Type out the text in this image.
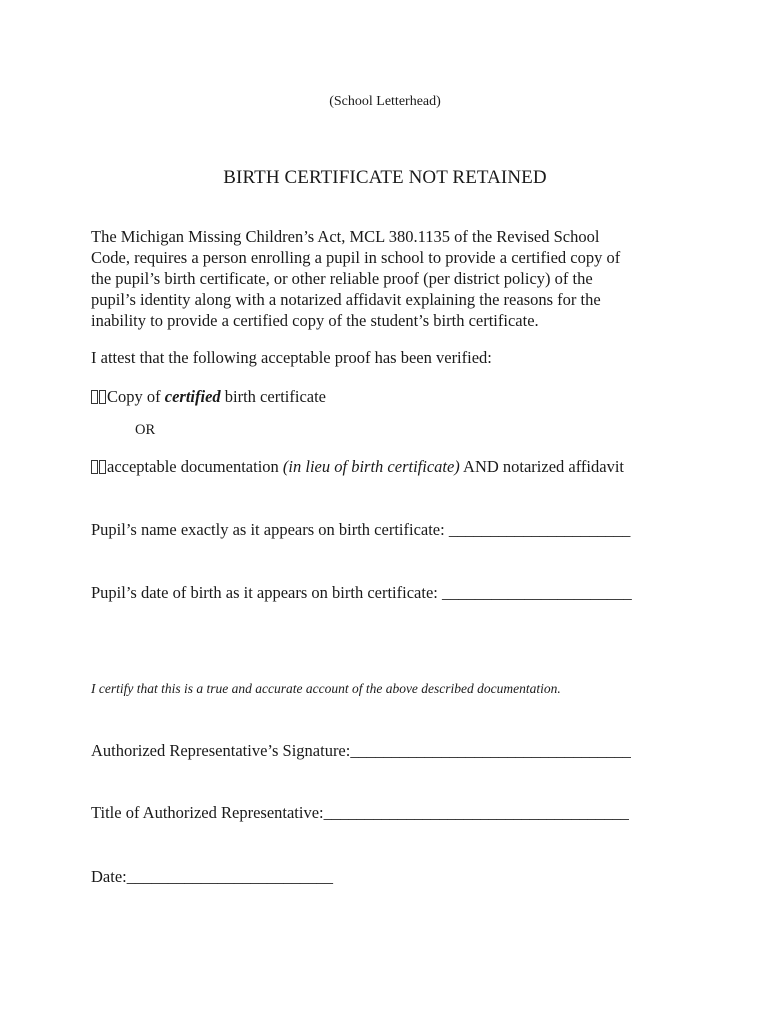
(School Letterhead)
BIRTH CERTIFICATE NOT RETAINED
The Michigan Missing Children’s Act, MCL 380.1135 of the Revised School
Code, requires a person enrolling a pupil in school to provide a certified copy of
the pupil’s birth certificate, or other reliable proof (per district policy) of the
pupil’s identity along with a notarized affidavit explaining the reasons for the
inability to provide a certified copy of the student’s birth certificate.
I attest that the following acceptable proof has been verified:
Copy of certified birth certificate
OR
acceptable documentation (in lieu of birth certificate) AND notarized affidavit
Pupil’s name exactly as it appears on birth certificate: ______________________
Pupil’s date of birth as it appears on birth certificate: _______________________
I certify that this is a true and accurate account of the above described documentation.
Authorized Representative’s Signature:__________________________________
Title of Authorized Representative:_____________________________________
Date:_________________________
